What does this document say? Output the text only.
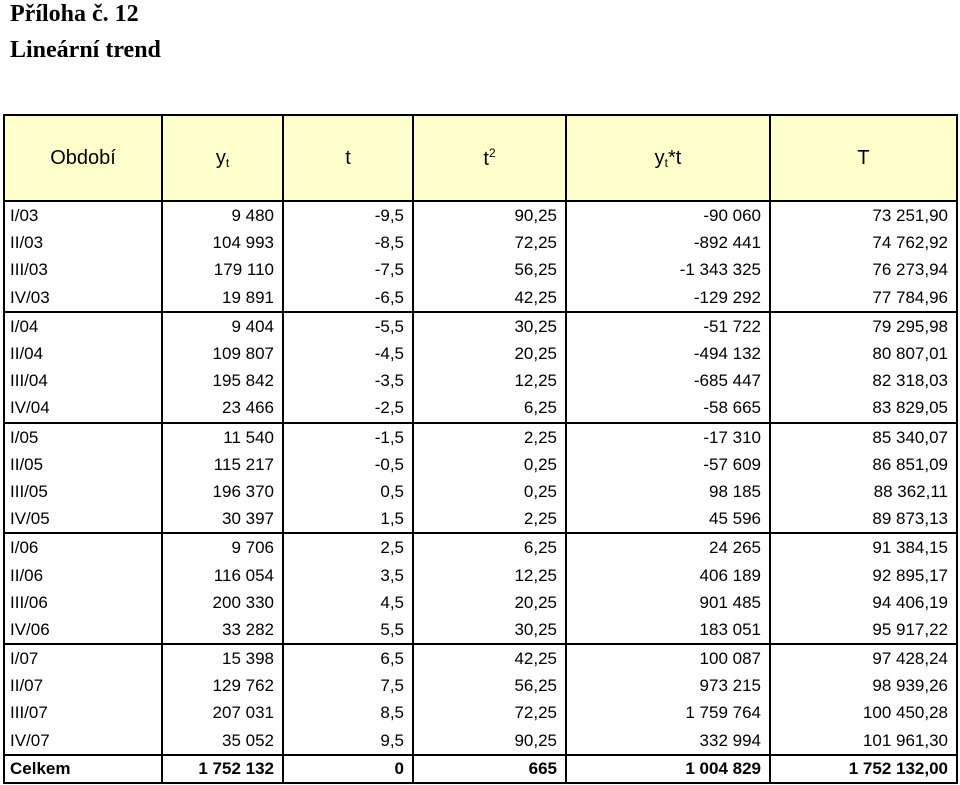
Příloha č. 12
Lineární trend
Období	$y_t$	t	$t^2$	$y_t*t$	T
I/03	9 480	-9,5	90,25	-90 060	73 251,90
II/03	104 993	-8,5	72,25	-892 441	74 762,92
III/03	179 110	-7,5	56,25	-1 343 325	76 273,94
IV/03	19 891	-6,5	42,25	-129 292	77 784,96
I/04	9 404	-5,5	30,25	-51 722	79 295,98
II/04	109 807	-4,5	20,25	-494 132	80 807,01
III/04	195 842	-3,5	12,25	-685 447	82 318,03
IV/04	23 466	-2,5	6,25	-58 665	83 829,05
I/05	11 540	-1,5	2,25	-17 310	85 340,07
II/05	115 217	-0,5	0,25	-57 609	86 851,09
III/05	196 370	0,5	0,25	98 185	88 362,11
IV/05	30 397	1,5	2,25	45 596	89 873,13
I/06	9 706	2,5	6,25	24 265	91 384,15
II/06	116 054	3,5	12,25	406 189	92 895,17
III/06	200 330	4,5	20,25	901 485	94 406,19
IV/06	33 282	5,5	30,25	183 051	95 917,22
I/07	15 398	6,5	42,25	100 087	97 428,24
II/07	129 762	7,5	56,25	973 215	98 939,26
III/07	207 031	8,5	72,25	1 759 764	100 450,28
IV/07	35 052	9,5	90,25	332 994	101 961,30
Celkem	1 752 132	0	665	1 004 829	1 752 132,00
